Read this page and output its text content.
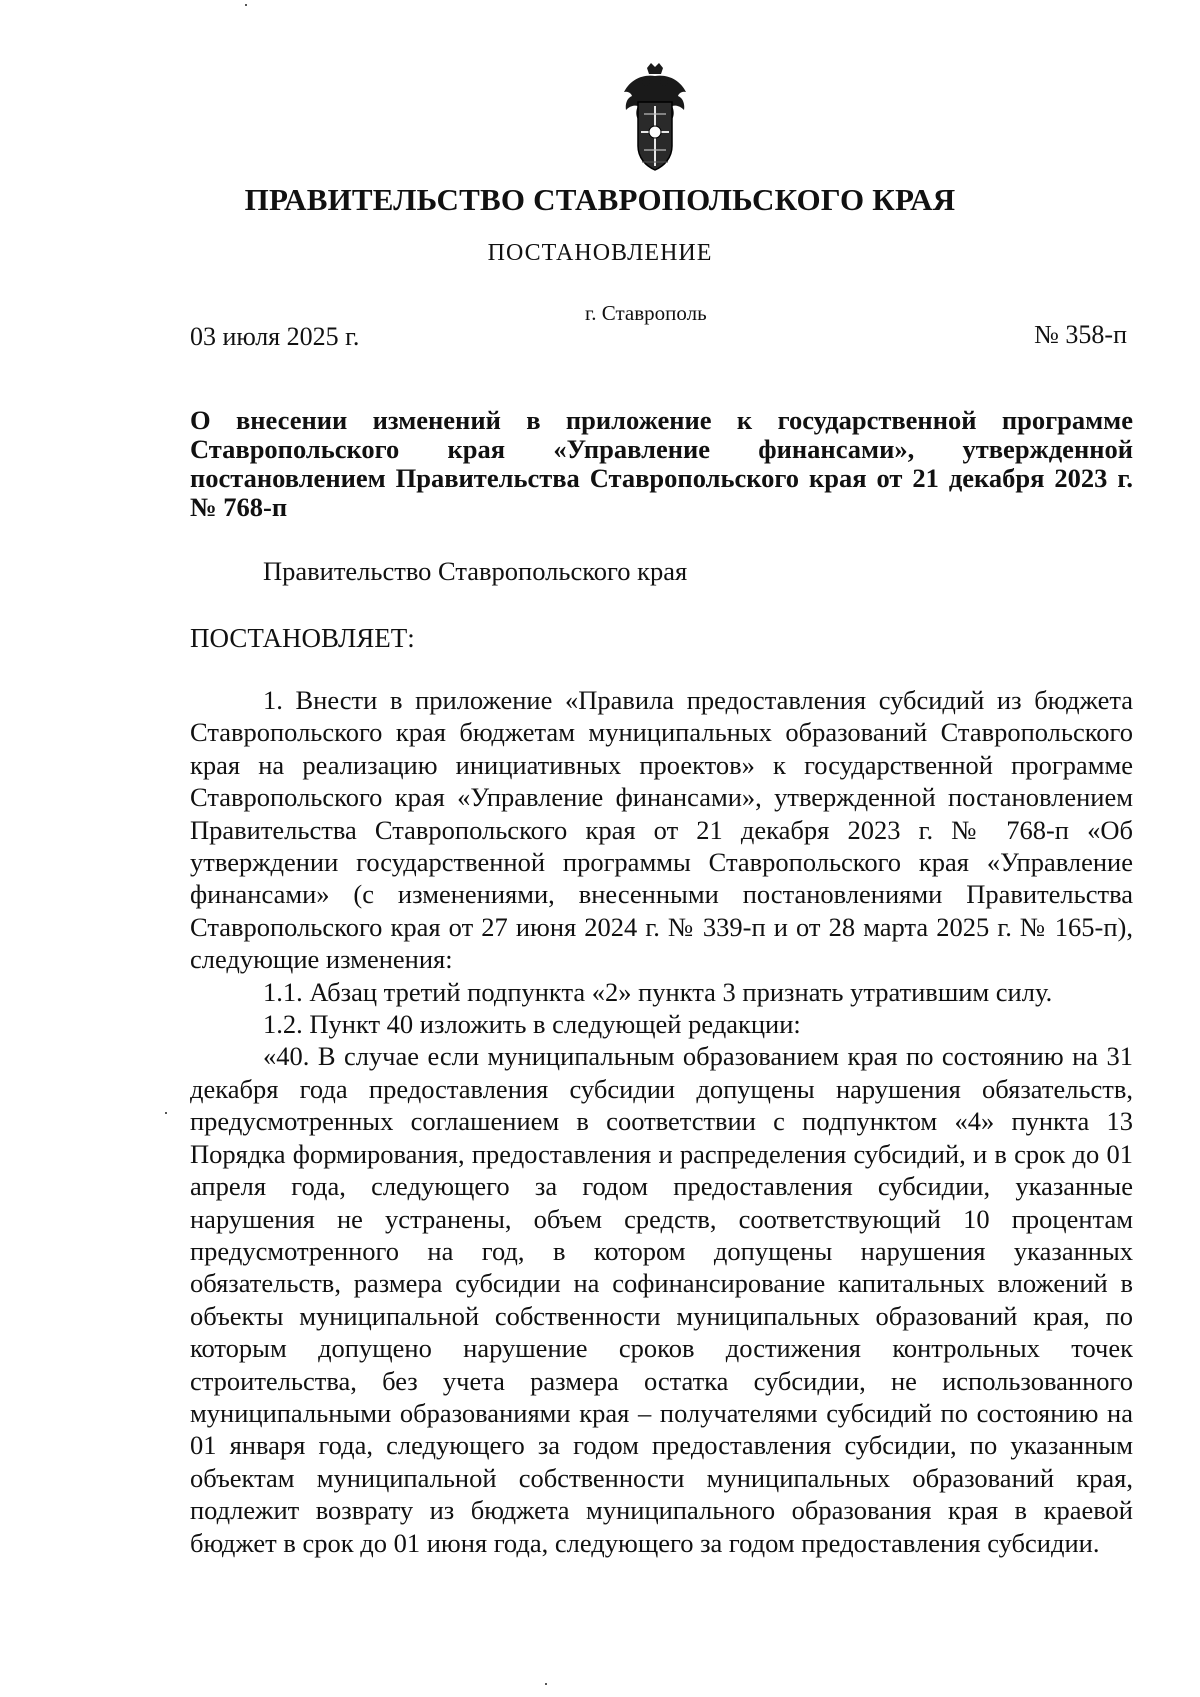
ПРАВИТЕЛЬСТВО СТАВРОПОЛЬСКОГО КРАЯ
ПОСТАНОВЛЕНИЕ
г. Ставрополь
03 июля 2025 г.	№ 358-п

О внесении изменений в приложение к государственной программе Ставропольского края «Управление финансами», утвержденной постановлением Правительства Ставропольского края от 21 декабря 2023 г. № 768-п

Правительство Ставропольского края
ПОСТАНОВЛЯЕТ:

1. Внести в приложение «Правила предоставления субсидий из бюджета Ставропольского края бюджетам муниципальных образований Ставропольского края на реализацию инициативных проектов» к государственной программе Ставропольского края «Управление финансами», утвержденной постановлением Правительства Ставропольского края от 21 декабря 2023 г. № 768-п «Об утверждении государственной программы Ставропольского края «Управление финансами» (с изменениями, внесенными постановлениями Правительства Ставропольского края от 27 июня 2024 г. № 339-п и от 28 марта 2025 г. № 165-п), следующие изменения:

1.1. Абзац третий подпункта «2» пункта 3 признать утратившим силу.

1.2. Пункт 40 изложить в следующей редакции:

«40. В случае если муниципальным образованием края по состоянию на 31 декабря года предоставления субсидии допущены нарушения обязательств, предусмотренных соглашением в соответствии с подпунктом «4» пункта 13 Порядка формирования, предоставления и распределения субсидий, и в срок до 01 апреля года, следующего за годом предоставления субсидии, указанные нарушения не устранены, объем средств, соответствующий 10 процентам предусмотренного на год, в котором допущены нарушения указанных обязательств, размера субсидии на софинансирование капитальных вложений в объекты муниципальной собственности муниципальных образований края, по которым допущено нарушение сроков достижения контрольных точек строительства, без учета размера остатка субсидии, не использованного муниципальными образованиями края – получателями субсидий по состоянию на 01 января года, следующего за годом предоставления субсидии, по указанным объектам муниципальной собственности муниципальных образований края, подлежит возврату из бюджета муниципального образования края в краевой бюджет в срок до 01 июня года, следующего за годом предоставления субсидии.
